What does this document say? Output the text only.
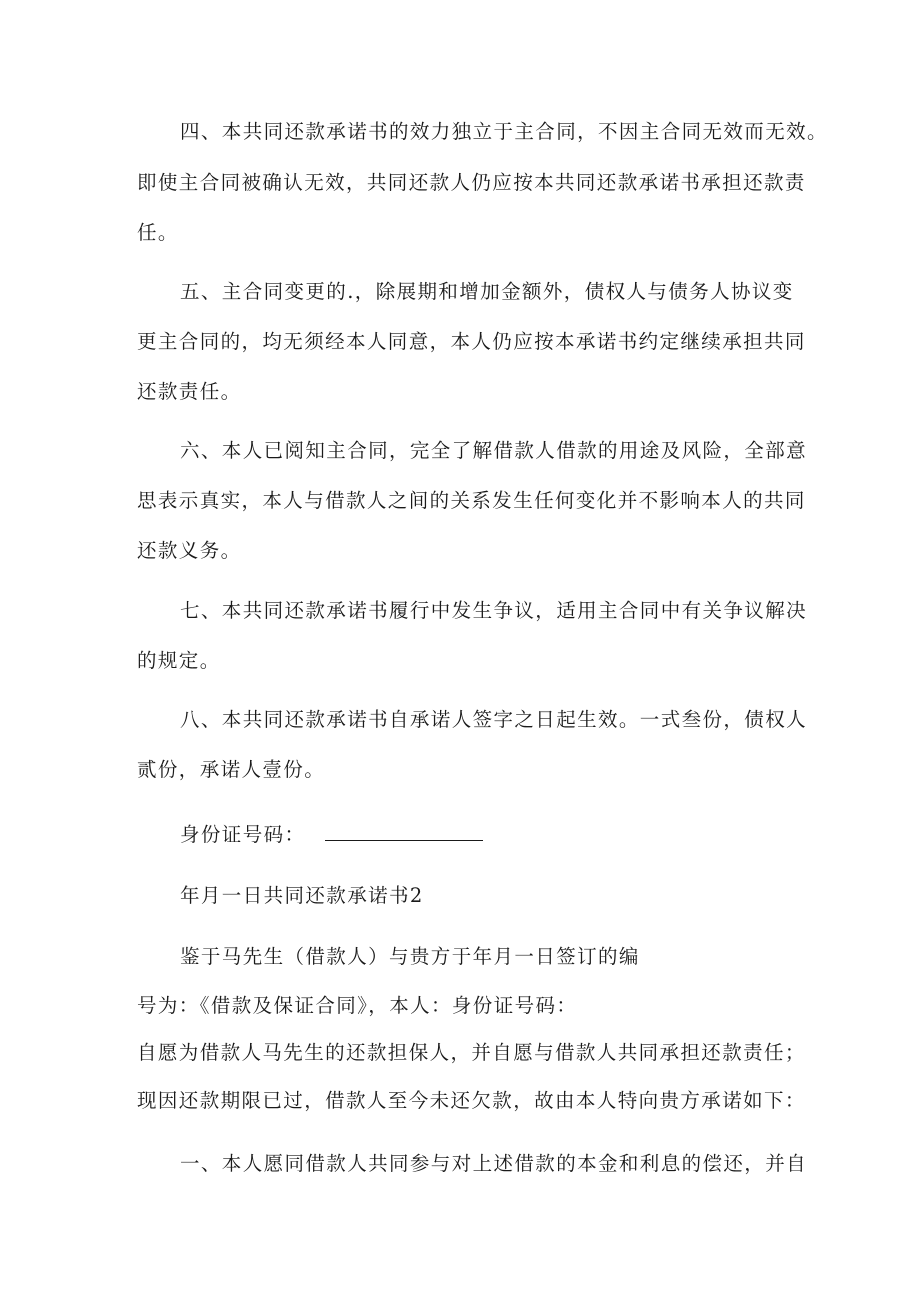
四、本共同还款承诺书的效力独立于主合同，不因主合同无效而无效。
即使主合同被确认无效，共同还款人仍应按本共同还款承诺书承担还款责
任。
五、主合同变更的.，除展期和增加金额外，债权人与债务人协议变
更主合同的，均无须经本人同意，本人仍应按本承诺书约定继续承担共同
还款责任。
六、本人已阅知主合同，完全了解借款人借款的用途及风险，全部意
思表示真实，本人与借款人之间的关系发生任何变化并不影响本人的共同
还款义务。
七、本共同还款承诺书履行中发生争议，适用主合同中有关争议解决
的规定。
八、本共同还款承诺书自承诺人签字之日起生效。一式叁份，债权人
贰份，承诺人壹份。
身份证号码：
年月一日共同还款承诺书2
鉴于马先生（借款人）与贵方于年月一日签订的编
号为：《借款及保证合同》，本人：身份证号码：
自愿为借款人马先生的还款担保人，并自愿与借款人共同承担还款责任；
现因还款期限已过，借款人至今未还欠款，故由本人特向贵方承诺如下：
一、本人愿同借款人共同参与对上述借款的本金和利息的偿还，并自
